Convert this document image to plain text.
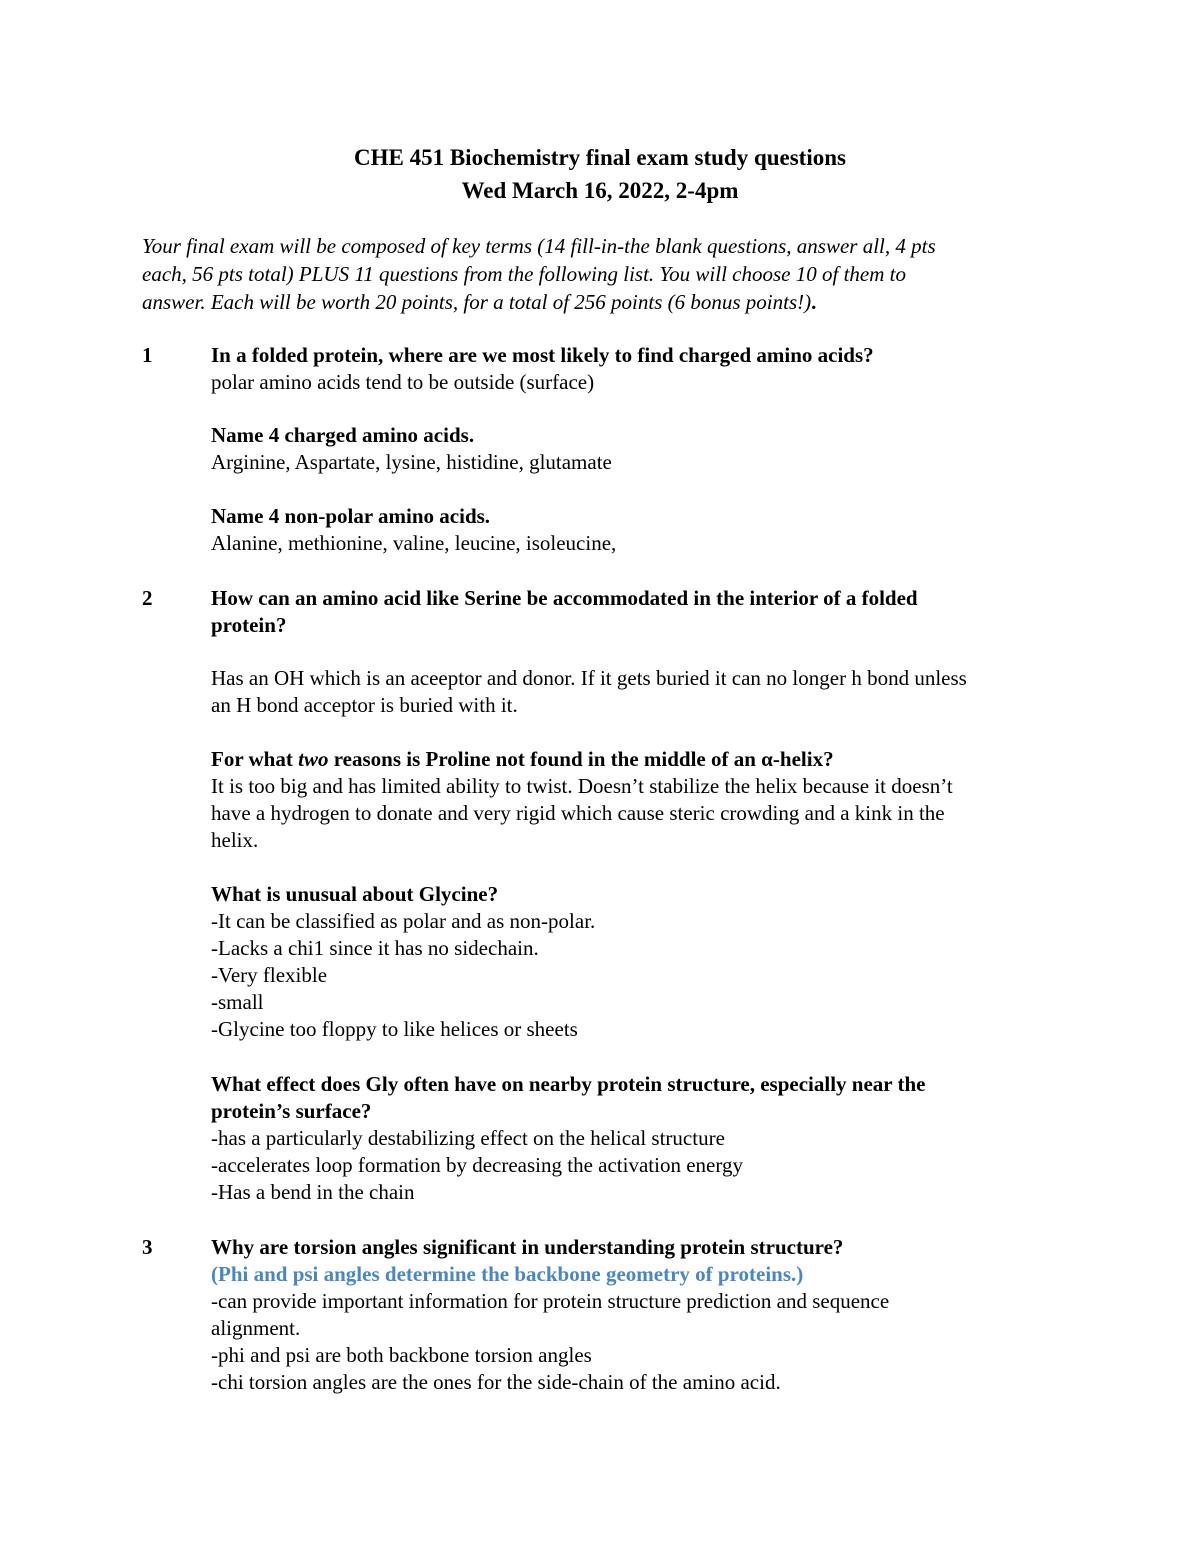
CHE 451 Biochemistry final exam study questions
Wed March 16, 2022, 2-4pm
Your final exam will be composed of key terms (14 fill-in-the blank questions, answer all, 4 pts
each, 56 pts total) PLUS 11 questions from the following list. You will choose 10 of them to
answer. Each will be worth 20 points, for a total of 256 points (6 bonus points!).
1	In a folded protein, where are we most likely to find charged amino acids?
polar amino acids tend to be outside (surface)
Name 4 charged amino acids.
Arginine, Aspartate, lysine, histidine, glutamate
Name 4 non-polar amino acids.
Alanine, methionine, valine, leucine, isoleucine,
2	How can an amino acid like Serine be accommodated in the interior of a folded
protein?
Has an OH which is an aceeptor and donor. If it gets buried it can no longer h bond unless
an H bond acceptor is buried with it.
For what two reasons is Proline not found in the middle of an α-helix?
It is too big and has limited ability to twist. Doesn’t stabilize the helix because it doesn’t
have a hydrogen to donate and very rigid which cause steric crowding and a kink in the
helix.
What is unusual about Glycine?
-It can be classified as polar and as non-polar.
-Lacks a chi1 since it has no sidechain.
-Very flexible
-small
-Glycine too floppy to like helices or sheets
What effect does Gly often have on nearby protein structure, especially near the
protein’s surface?
-has a particularly destabilizing effect on the helical structure
-accelerates loop formation by decreasing the activation energy
-Has a bend in the chain
3	Why are torsion angles significant in understanding protein structure?
(Phi and psi angles determine the backbone geometry of proteins.)
-can provide important information for protein structure prediction and sequence
alignment.
-phi and psi are both backbone torsion angles
-chi torsion angles are the ones for the side-chain of the amino acid.
